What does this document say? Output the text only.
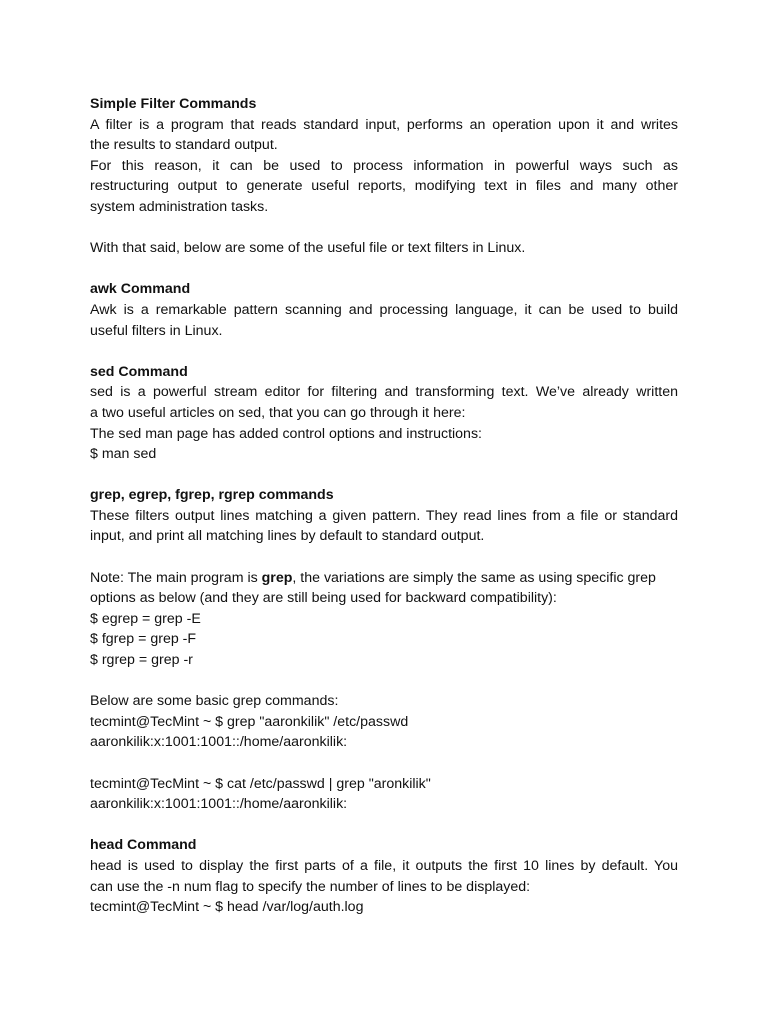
Simple Filter Commands
A filter is a program that reads standard input, performs an operation upon it and writes
the results to standard output.
For this reason, it can be used to process information in powerful ways such as
restructuring output to generate useful reports, modifying text in files and many other
system administration tasks.
With that said, below are some of the useful file or text filters in Linux.
awk Command
Awk is a remarkable pattern scanning and processing language, it can be used to build
useful filters in Linux.
sed Command
sed is a powerful stream editor for filtering and transforming text. We’ve already written
a two useful articles on sed, that you can go through it here:
The sed man page has added control options and instructions:
$ man sed
grep, egrep, fgrep, rgrep commands
These filters output lines matching a given pattern. They read lines from a file or standard
input, and print all matching lines by default to standard output.
Note: The main program is grep, the variations are simply the same as using specific grep
options as below (and they are still being used for backward compatibility):
$ egrep = grep -E
$ fgrep = grep -F
$ rgrep = grep -r
Below are some basic grep commands:
tecmint@TecMint ~ $ grep "aaronkilik" /etc/passwd
aaronkilik:x:1001:1001::/home/aaronkilik:
tecmint@TecMint ~ $ cat /etc/passwd | grep "aronkilik"
aaronkilik:x:1001:1001::/home/aaronkilik:
head Command
head is used to display the first parts of a file, it outputs the first 10 lines by default. You
can use the -n num flag to specify the number of lines to be displayed:
tecmint@TecMint ~ $ head /var/log/auth.log
